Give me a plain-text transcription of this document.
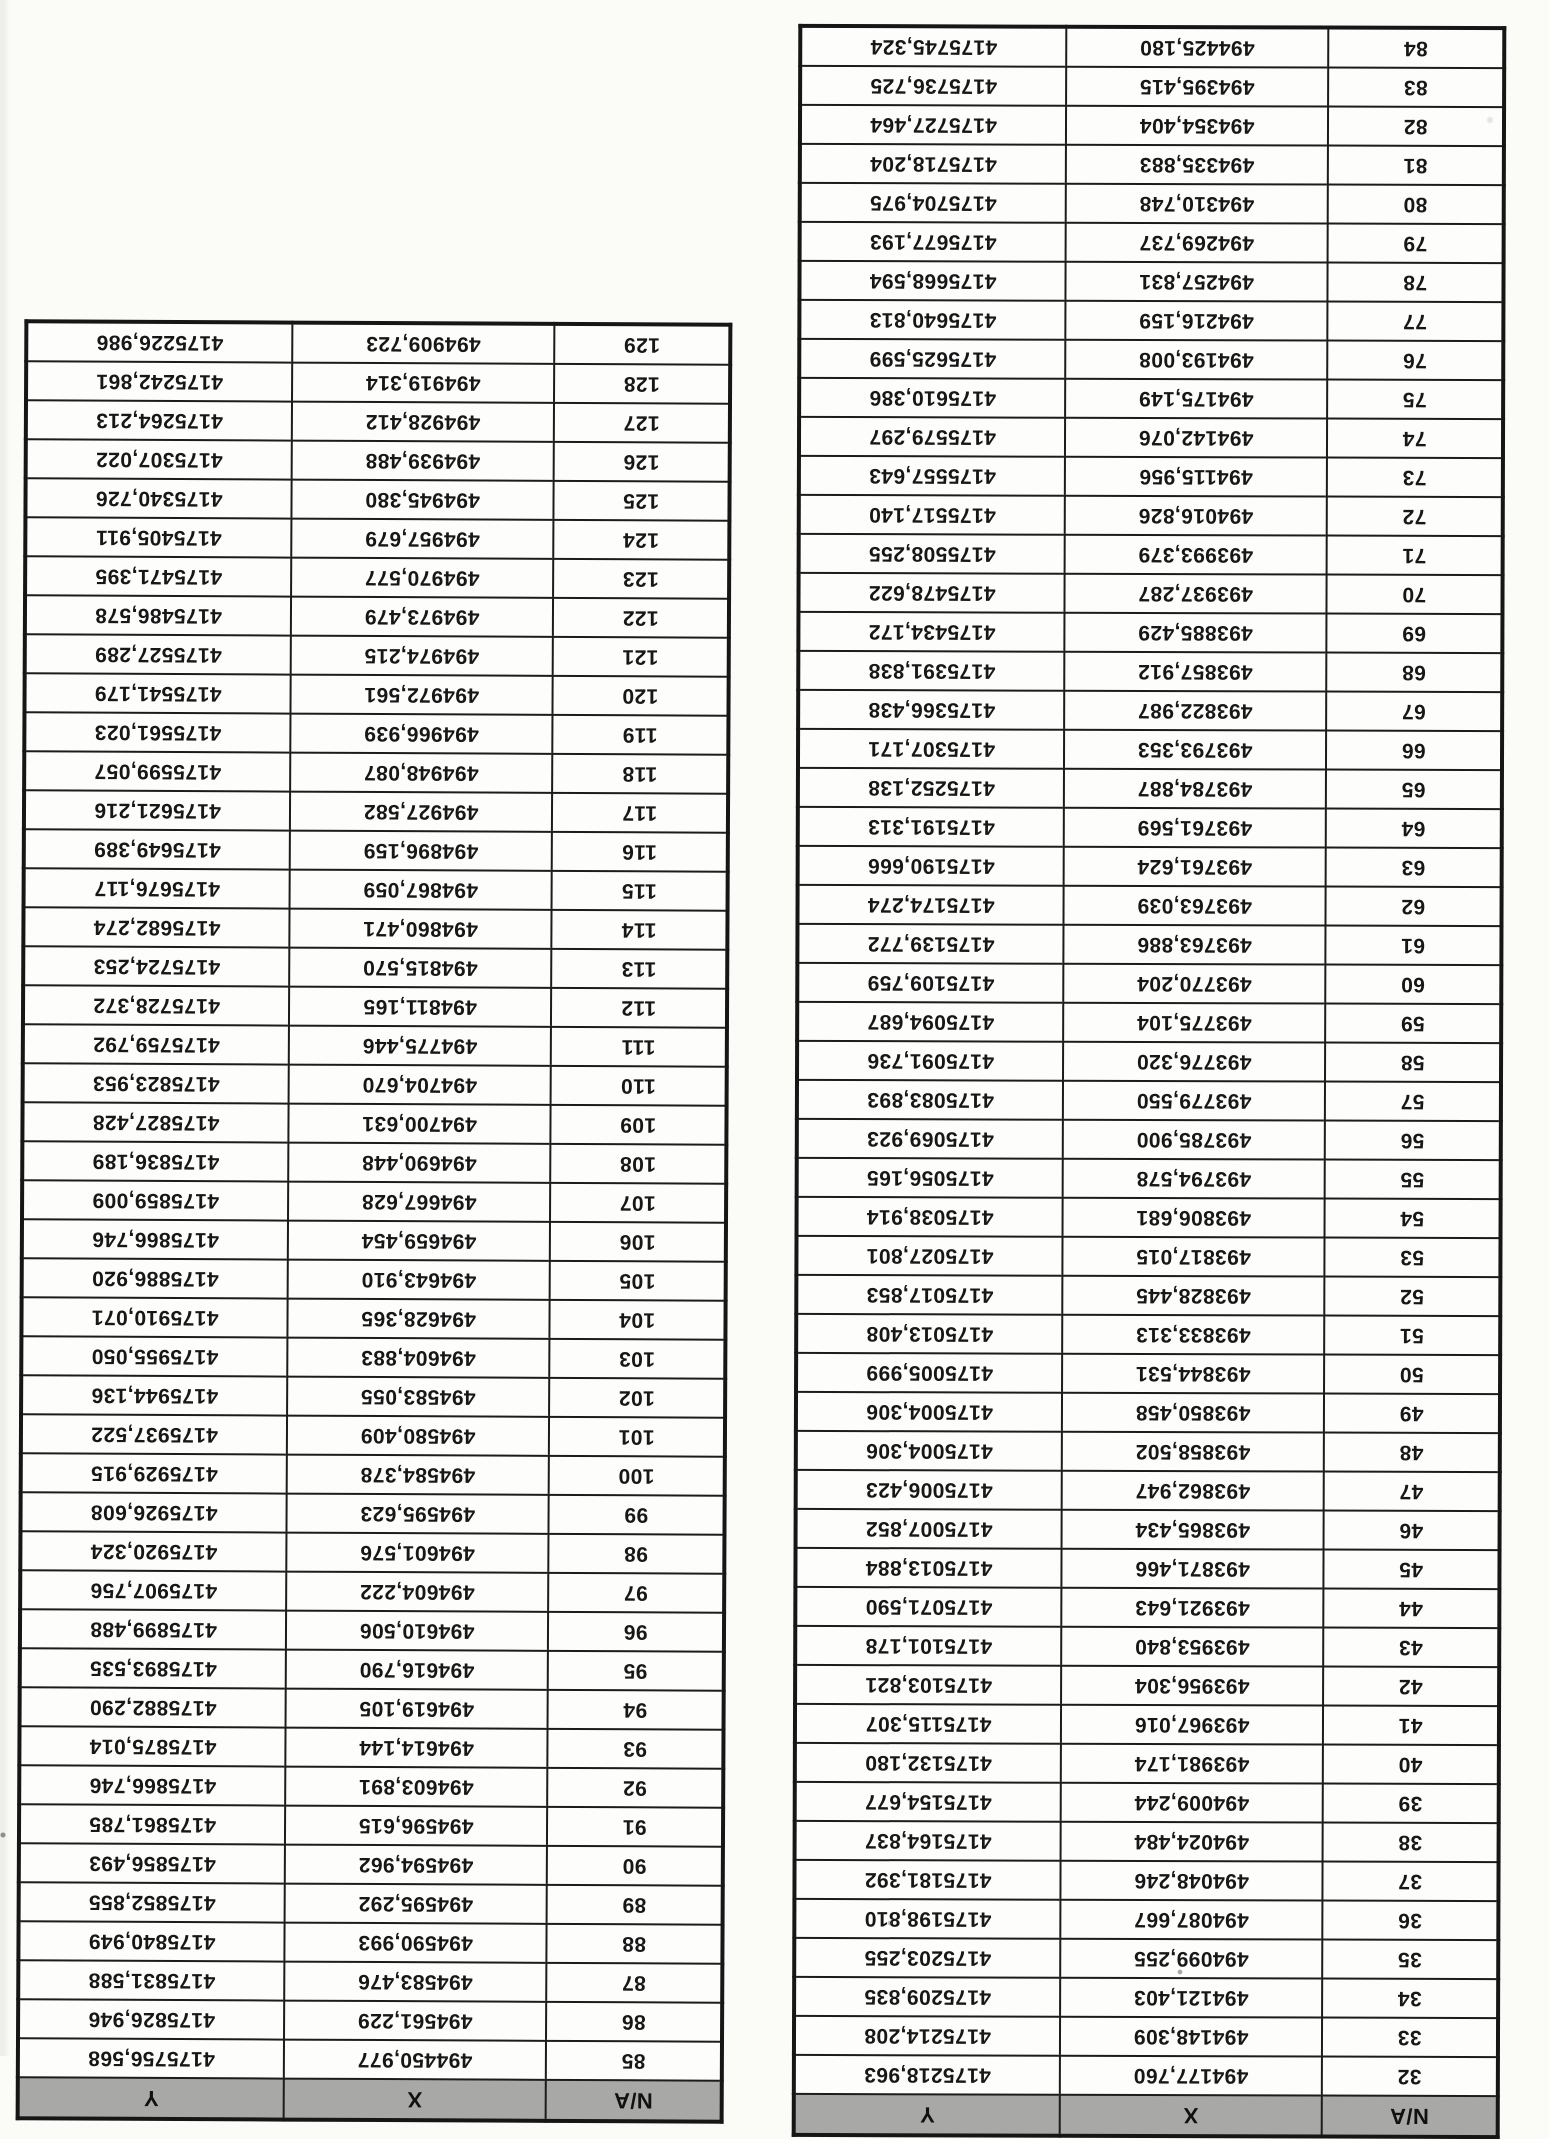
N/A	X	Y
85	494450,977	4175756,568
86	494561,229	4175826,946
87	494583,476	4175831,588
88	494590,993	4175840,949
89	494595,292	4175852,855
90	494594,962	4175856,493
91	494596,615	4175861,785
92	494603,891	4175866,746
93	494614,144	4175875,014
94	494619,105	4175882,290
95	494616,790	4175893,535
96	494610,506	4175899,488
97	494604,222	4175907,756
98	494601,576	4175920,324
99	494595,623	4175926,608
100	494584,378	4175929,915
101	494580,409	4175937,522
102	494583,055	4175944,136
103	494604,883	4175955,050
104	494628,365	4175910,071
105	494643,910	4175886,920
106	494659,454	4175866,746
107	494667,628	4175859,009
108	494690,448	4175836,189
109	494700,631	4175827,428
110	494704,670	4175823,953
111	494775,446	4175759,792
112	494811,165	4175728,372
113	494815,570	4175724,253
114	494860,471	4175682,274
115	494867,059	4175676,117
116	494896,159	4175649,389
117	494927,582	4175621,216
118	494948,087	4175599,057
119	494966,939	4175561,023
120	494972,561	4175541,179
121	494974,215	4175527,289
122	494973,479	4175486,578
123	494970,577	4175471,395
124	494957,679	4175405,911
125	494945,380	4175340,726
126	494939,488	4175307,022
127	494928,412	4175264,213
128	494919,314	4175242,861
129	494909,723	4175226,986
N/A	X	Y
32	494177,760	4175218,963
33	494148,309	4175214,208
34	494121,403	4175209,835
35	494099,255	4175203,255
36	494087,667	4175198,810
37	494048,246	4175181,392
38	494024,484	4175164,837
39	494009,244	4175154,677
40	493981,174	4175132,180
41	493967,016	4175115,307
42	493956,304	4175103,821
43	493953,840	4175101,178
44	493921,643	4175071,590
45	493871,466	4175013,884
46	493865,434	4175007,852
47	493862,947	4175006,423
48	493858,502	4175004,306
49	493850,458	4175004,306
50	493844,531	4175005,999
51	493833,313	4175013,408
52	493828,445	4175017,853
53	493817,015	4175027,801
54	493806,681	4175038,914
55	493794,578	4175056,165
56	493785,900	4175069,923
57	493779,550	4175083,893
58	493776,320	4175091,736
59	493775,104	4175094,687
60	493770,204	4175109,759
61	493763,886	4175139,772
62	493763,039	4175174,274
63	493761,624	4175190,666
64	493761,569	4175191,313
65	493784,887	4175252,138
66	493793,353	4175307,171
67	493822,987	4175366,438
68	493857,912	4175391,838
69	493885,429	4175434,172
70	493937,287	4175478,622
71	493993,379	4175508,255
72	494016,826	4175517,140
73	494115,956	4175557,643
74	494142,076	4175579,297
75	494175,149	4175610,386
76	494193,008	4175625,599
77	494216,159	4175640,813
78	494257,831	4175668,594
79	494269,737	4175677,193
80	494310,748	4175704,975
81	494335,883	4175718,204
82	494354,404	4175727,464
83	494395,415	4175736,725
84	494425,180	4175745,324
